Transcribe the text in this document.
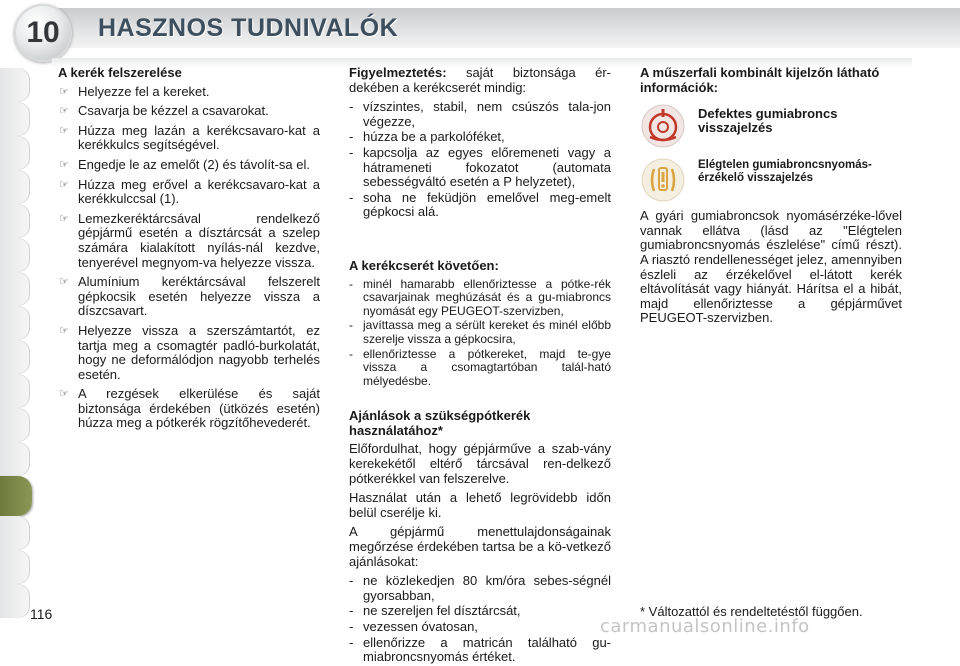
10	HASZNOS TUDNIVALÓK
A kerék felszerelése
☞ Helyezze fel a kereket.
☞ Csavarja be kézzel a csavarokat.
☞ Húzza meg lazán a kerékcsavaro-kat a kerékkulcs segítségével.
☞ Engedje le az emelőt (2) és távolít-sa el.
☞ Húzza meg erővel a kerékcsavaro-kat a kerékkulccsal (1).
☞ Lemezkeréktárcsával rendelkező gépjármű esetén a dísztárcsát a szelep számára kialakított nyílás-nál kezdve, tenyerével megnyom-va helyezze vissza.
☞ Alumínium keréktárcsával felszerelt gépkocsik esetén helyezze vissza a díszcsavart.
☞ Helyezze vissza a szerszámtartót, ez tartja meg a csomagtér padló-burkolatát, hogy ne deformálódjon nagyobb terhelés esetén.
☞ A rezgések elkerülése és saját biztonsága érdekében (ütközés esetén) húzza meg a pótkerék rögzítőhevederét.
Figyelmeztetés: saját biztonsága ér-dekében a kerékcserét mindig:
- vízszintes, stabil, nem csúszós tala-jon végezze,
- húzza be a parkolóféket,
- kapcsolja az egyes előremeneti vagy a hátrameneti fokozatot (automata sebességváltó esetén a P helyzetet),
- soha ne feküdjön emelővel meg-emelt gépkocsi alá.
A kerékcserét követően:
- minél hamarabb ellenőriztesse a pótke-rék csavarjainak meghúzását és a gu-miabroncs nyomását egy PEUGEOT-szervizben,
- javíttassa meg a sérült kereket és minél előbb szerelje vissza a gépkocsira,
- ellenőriztesse a pótkereket, majd te-gye vissza a csomagtartóban talál-ható mélyedésbe.
Ajánlások a szükségpótkerék használatához*
Előfordulhat, hogy gépjárműve a szab-vány kerekekétől eltérő tárcsával ren-delkező pótkerékkel van felszerelve.
Használat után a lehető legrövidebb időn belül cserélje ki.
A gépjármű menettulajdonságainak megőrzése érdekében tartsa be a kö-vetkező ajánlásokat:
- ne közlekedjen 80 km/óra sebes-ségnél gyorsabban,
- ne szereljen fel dísztárcsát,
- vezessen óvatosan,
- ellenőrizze a matricán található gu-miabroncsnyomás értéket.
A műszerfali kombinált kijelzőn látható információk:
Defektes gumiabroncs visszajelzés
Elégtelen gumiabroncsnyomás-érzékelő visszajelzés
A gyári gumiabroncsok nyomásérzéke-lővel vannak ellátva (lásd az "Elégtelen gumiabroncsnyomás észlelése" című részt). A riasztó rendellenességet jelez, amennyiben észleli az érzékelővel el-látott kerék eltávolítását vagy hiányát. Hárítsa el a hibát, majd ellenőriztesse a gépjárművet PEUGEOT-szervizben.
116	* Változattól és rendeltetéstől függően.
carmanualsonline.info
